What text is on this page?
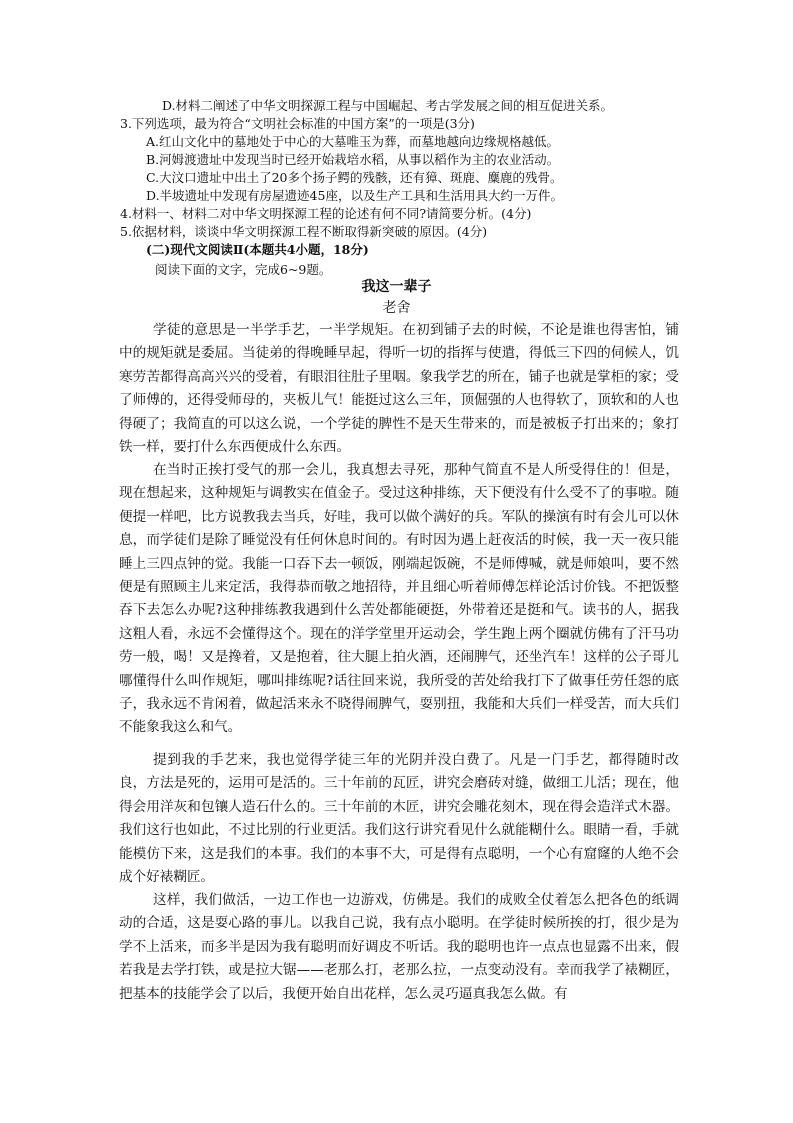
D.材料二阐述了中华文明探源工程与中国崛起、考古学发展之间的相互促进关系。
3.下列选项，最为符合“文明社会标准的中国方案”的一项是(3分)
A.红山文化中的墓地处于中心的大墓唯玉为葬，而墓地越向边缘规格越低。
B.河姆渡遗址中发现当时已经开始栽培水稻，从事以稻作为主的农业活动。
C.大汶口遗址中出土了20多个扬子鳄的残骸，还有獐、斑鹿、麋鹿的残骨。
D.半坡遗址中发现有房屋遗迹45座，以及生产工具和生活用具大约一万件。
4.材料一、材料二对中华文明探源工程的论述有何不同?请简要分析。(4分)
5.依据材料，谈谈中华文明探源工程不断取得新突破的原因。(4分)
(二)现代文阅读Ⅱ(本题共4小题，18分)
阅读下面的文字，完成6~9题。
我这一辈子
老舍

学徒的意思是一半学手艺，一半学规矩。在初到铺子去的时候，不论是谁也得害怕，铺中的规矩就是委屈。当徒弟的得晚睡早起，得听一切的指挥与使遣，得低三下四的伺候人，饥寒劳苦都得高高兴兴的受着，有眼泪往肚子里咽。象我学艺的所在，铺子也就是掌柜的家；受了师傅的，还得受师母的，夹板儿气！能挺过这么三年，顶倔强的人也得软了，顶软和的人也得硬了；我简直的可以这么说，一个学徒的脾性不是天生带来的，而是被板子打出来的；象打铁一样，要打什么东西便成什么东西。

在当时正挨打受气的那一会儿，我真想去寻死，那种气简直不是人所受得住的！但是，现在想起来，这种规矩与调教实在值金子。受过这种排练，天下便没有什么受不了的事啦。随便提一样吧，比方说教我去当兵，好哇，我可以做个满好的兵。军队的操演有时有会儿可以休息，而学徒们是除了睡觉没有任何休息时间的。有时因为遇上赶夜活的时候，我一天一夜只能睡上三四点钟的觉。我能一口吞下去一顿饭，刚端起饭碗，不是师傅喊，就是师娘叫，要不然便是有照顾主儿来定活，我得恭而敬之地招待，并且细心听着师傅怎样论活讨价钱。不把饭整吞下去怎么办呢?这种排练教我遇到什么苦处都能硬挺，外带着还是挺和气。读书的人，据我这粗人看，永远不会懂得这个。现在的洋学堂里开运动会，学生跑上两个圈就仿佛有了汗马功劳一般，喝！又是搀着，又是抱着，往大腿上拍火酒，还闹脾气，还坐汽车！这样的公子哥儿哪懂得什么叫作规矩，哪叫排练呢?话往回来说，我所受的苦处给我打下了做事任劳任怨的底子，我永远不肯闲着，做起活来永不晓得闹脾气，耍别扭，我能和大兵们一样受苦，而大兵们不能象我这么和气。

提到我的手艺来，我也觉得学徒三年的光阴并没白费了。凡是一门手艺，都得随时改良，方法是死的，运用可是活的。三十年前的瓦匠，讲究会磨砖对缝，做细工儿活；现在，他得会用洋灰和包镶人造石什么的。三十年前的木匠，讲究会雕花刻木，现在得会造洋式木器。我们这行也如此，不过比别的行业更活。我们这行讲究看见什么就能糊什么。眼睛一看，手就能模仿下来，这是我们的本事。我们的本事不大，可是得有点聪明，一个心有窟窿的人绝不会成个好裱糊匠。

这样，我们做活，一边工作也一边游戏，仿佛是。我们的成败全仗着怎么把各色的纸调动的合适，这是耍心路的事儿。以我自己说，我有点小聪明。在学徒时候所挨的打，很少是为学不上活来，而多半是因为我有聪明而好调皮不听话。我的聪明也许一点点也显露不出来，假若我是去学打铁，或是拉大锯——老那么打，老那么拉，一点变动没有。幸而我学了裱糊匠，把基本的技能学会了以后，我便开始自出花样，怎么灵巧逼真我怎么做。有
